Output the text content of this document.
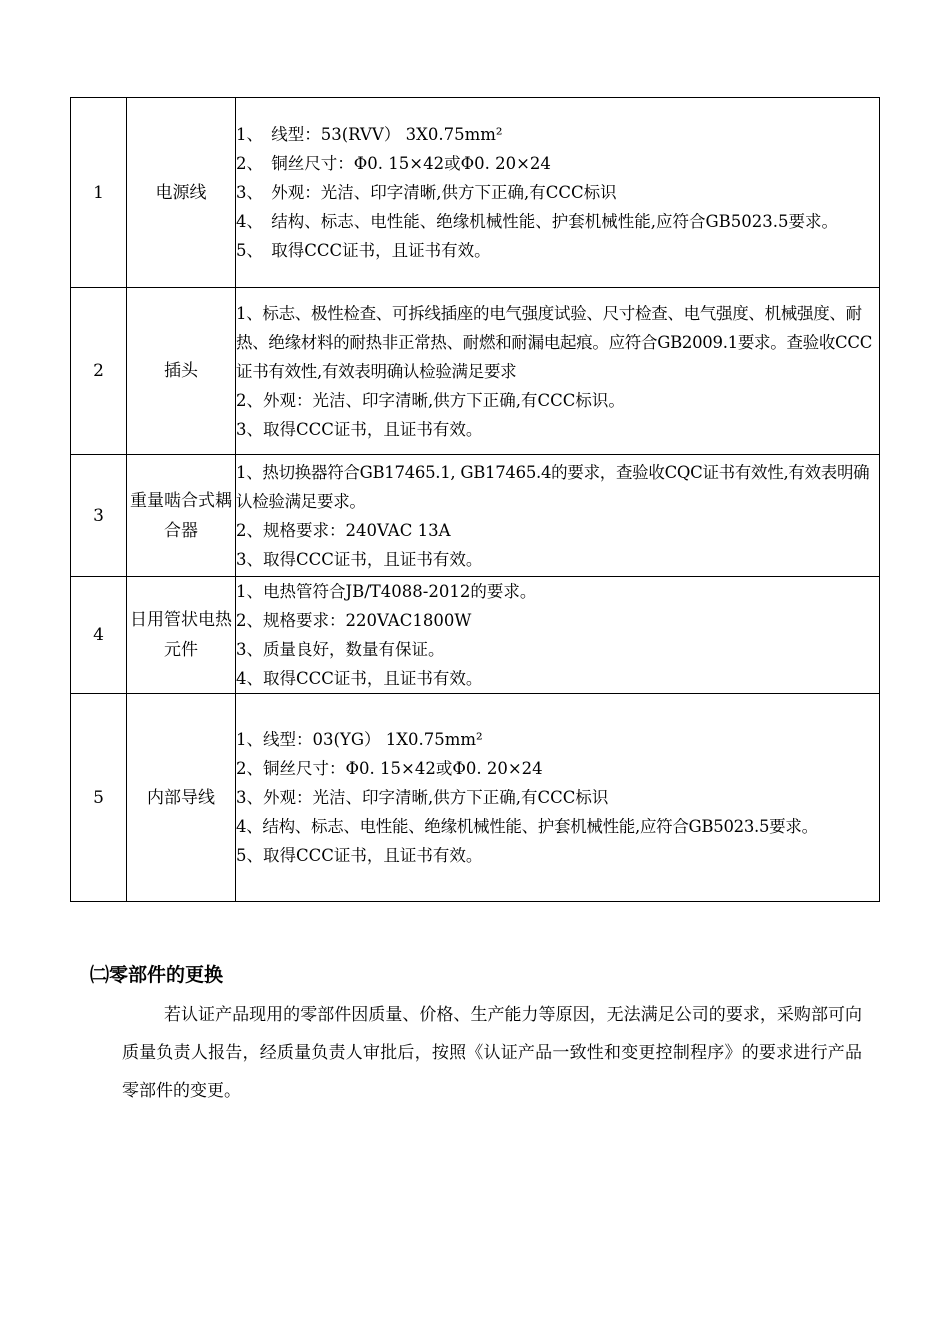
1	电源线	1、　线型：53(RVV） 3X0.75mm²
2、　铜丝尺寸：Φ0. 15×42或Φ0. 20×24
3、　外观：光洁、印字清晰,供方下正确,有CCC标识
4、　结构、标志、电性能、绝缘机械性能、护套机械性能,应符合GB5023.5要求。
5、　取得CCC证书，且证书有效。

2	插头	1、标志、极性检查、可拆线插座的电气强度试验、尺寸检查、电气强度、机械强度、耐热、绝缘材料的耐热非正常热、耐燃和耐漏电起痕。应符合GB2009.1要求。查验收CCC证书有效性,有效表明确认检验满足要求
2、外观：光洁、印字清晰,供方下正确,有CCC标识。
3、取得CCC证书，且证书有效。

3	重量啮合式耦合器	1、热切换器符合GB17465.1, GB17465.4的要求，查验收CQC证书有效性,有效表明确认检验满足要求。
2、规格要求：240VAC 13A
3、取得CCC证书，且证书有效。

4	日用管状电热元件	1、电热管符合JB/T4088-2012的要求。
2、规格要求：220VAC1800W
3、质量良好，数量有保证。
4、取得CCC证书，且证书有效。

5	内部导线	1、线型：03(YG） 1X0.75mm²
2、铜丝尺寸：Φ0. 15×42或Φ0. 20×24
3、外观：光洁、印字清晰,供方下正确,有CCC标识
4、结构、标志、电性能、绝缘机械性能、护套机械性能,应符合GB5023.5要求。
5、取得CCC证书，且证书有效。
㈡零部件的更换

若认证产品现用的零部件因质量、价格、生产能力等原因，无法满足公司的要求，采购部可向质量负责人报告，经质量负责人审批后，按照《认证产品一致性和变更控制程序》的要求进行产品零部件的变更。
